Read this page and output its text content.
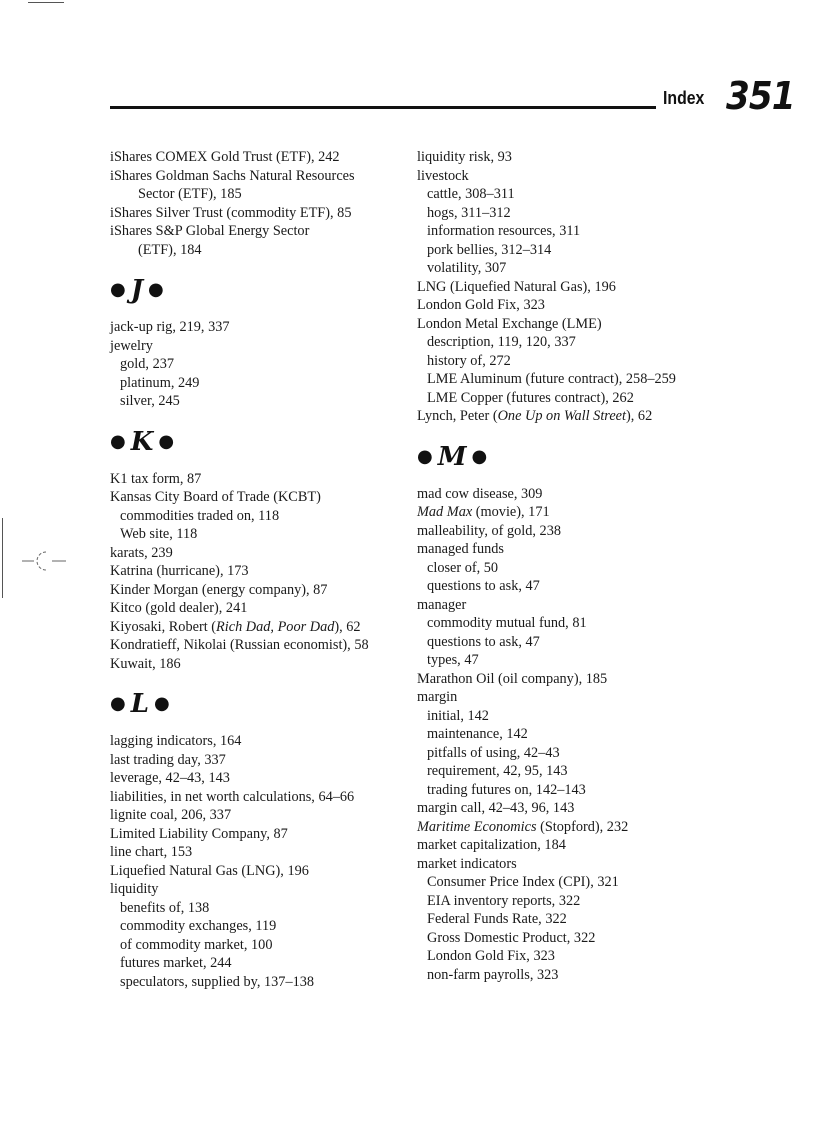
Index 351
iShares COMEX Gold Trust (ETF), 242
iShares Goldman Sachs Natural Resources
Sector (ETF), 185
iShares Silver Trust (commodity ETF), 85
iShares S&P Global Energy Sector
(ETF), 184
● J ●
jack-up rig, 219, 337
jewelry
gold, 237
platinum, 249
silver, 245
● K ●
K1 tax form, 87
Kansas City Board of Trade (KCBT)
commodities traded on, 118
Web site, 118
karats, 239
Katrina (hurricane), 173
Kinder Morgan (energy company), 87
Kitco (gold dealer), 241
Kiyosaki, Robert (Rich Dad, Poor Dad), 62
Kondratieff, Nikolai (Russian economist), 58
Kuwait, 186
● L ●
lagging indicators, 164
last trading day, 337
leverage, 42–43, 143
liabilities, in net worth calculations, 64–66
lignite coal, 206, 337
Limited Liability Company, 87
line chart, 153
Liquefied Natural Gas (LNG), 196
liquidity
benefits of, 138
commodity exchanges, 119
of commodity market, 100
futures market, 244
speculators, supplied by, 137–138
liquidity risk, 93
livestock
cattle, 308–311
hogs, 311–312
information resources, 311
pork bellies, 312–314
volatility, 307
LNG (Liquefied Natural Gas), 196
London Gold Fix, 323
London Metal Exchange (LME)
description, 119, 120, 337
history of, 272
LME Aluminum (future contract), 258–259
LME Copper (futures contract), 262
Lynch, Peter (One Up on Wall Street), 62
● M ●
mad cow disease, 309
Mad Max (movie), 171
malleability, of gold, 238
managed funds
closer of, 50
questions to ask, 47
manager
commodity mutual fund, 81
questions to ask, 47
types, 47
Marathon Oil (oil company), 185
margin
initial, 142
maintenance, 142
pitfalls of using, 42–43
requirement, 42, 95, 143
trading futures on, 142–143
margin call, 42–43, 96, 143
Maritime Economics (Stopford), 232
market capitalization, 184
market indicators
Consumer Price Index (CPI), 321
EIA inventory reports, 322
Federal Funds Rate, 322
Gross Domestic Product, 322
London Gold Fix, 323
non-farm payrolls, 323
